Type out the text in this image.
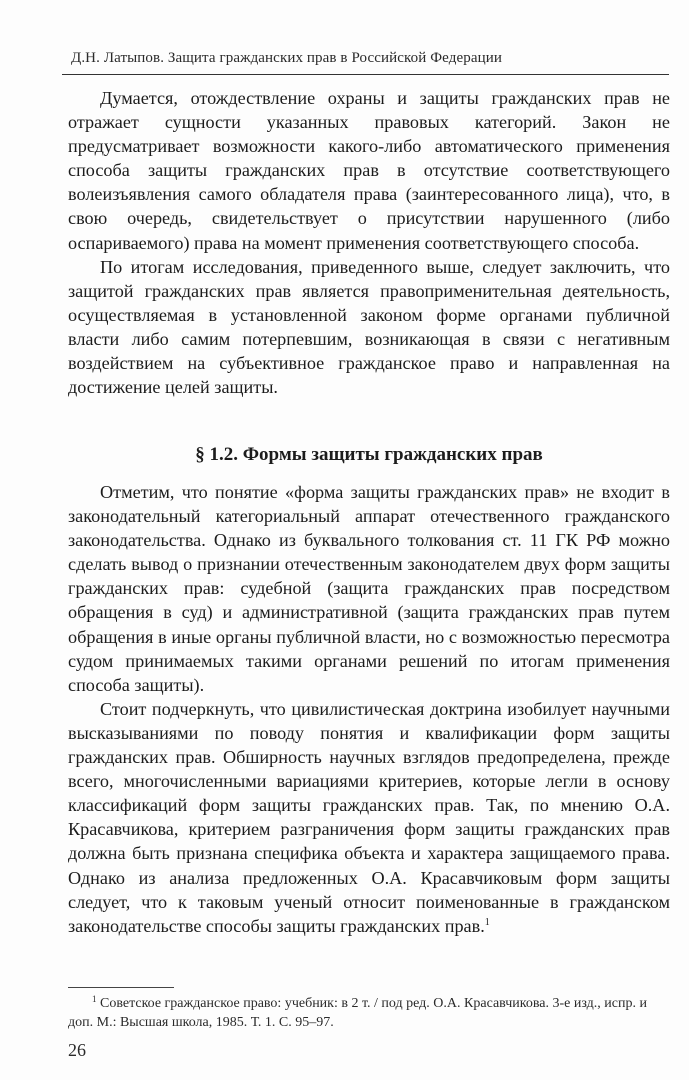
Д.Н. Латыпов. Защита гражданских прав в Российской Федерации

Думается, отождествление охраны и защиты гражданских прав не отражает сущности указанных правовых категорий. Закон не предусматривает возможности какого-либо автоматического применения способа защиты гражданских прав в отсутствие соответствующего волеизъявления самого обладателя права (заинтересованного лица), что, в свою очередь, свидетельствует о присутствии нарушенного (либо оспариваемого) права на момент применения соответствующего способа.

По итогам исследования, приведенного выше, следует заключить, что защитой гражданских прав является правоприменительная деятельность, осуществляемая в установленной законом форме органами публичной власти либо самим потерпевшим, возникающая в связи с негативным воздействием на субъективное гражданское право и направленная на достижение целей защиты.

§ 1.2. Формы защиты гражданских прав

Отметим, что понятие «форма защиты гражданских прав» не входит в законодательный категориальный аппарат отечественного гражданского законодательства. Однако из буквального толкования ст. 11 ГК РФ можно сделать вывод о признании отечественным законодателем двух форм защиты гражданских прав: судебной (защита гражданских прав посредством обращения в суд) и административной (защита гражданских прав путем обращения в иные органы публичной власти, но с возможностью пересмотра судом принимаемых такими органами решений по итогам применения способа защиты).

Стоит подчеркнуть, что цивилистическая доктрина изобилует научными высказываниями по поводу понятия и квалификации форм защиты гражданских прав. Обширность научных взглядов предопределена, прежде всего, многочисленными вариациями критериев, которые легли в основу классификаций форм защиты гражданских прав. Так, по мнению О.А. Красавчикова, критерием разграничения форм защиты гражданских прав должна быть признана специфика объекта и характера защищаемого права. Однако из анализа предложенных О.А. Красавчиковым форм защиты следует, что к таковым ученый относит поименованные в гражданском законодательстве способы защиты гражданских прав.$^1$

$^1$ Советское гражданское право: учебник: в 2 т. / под ред. О.А. Красавчикова. 3-е изд., испр. и доп. М.: Высшая школа, 1985. Т. 1. С. 95–97.
26
